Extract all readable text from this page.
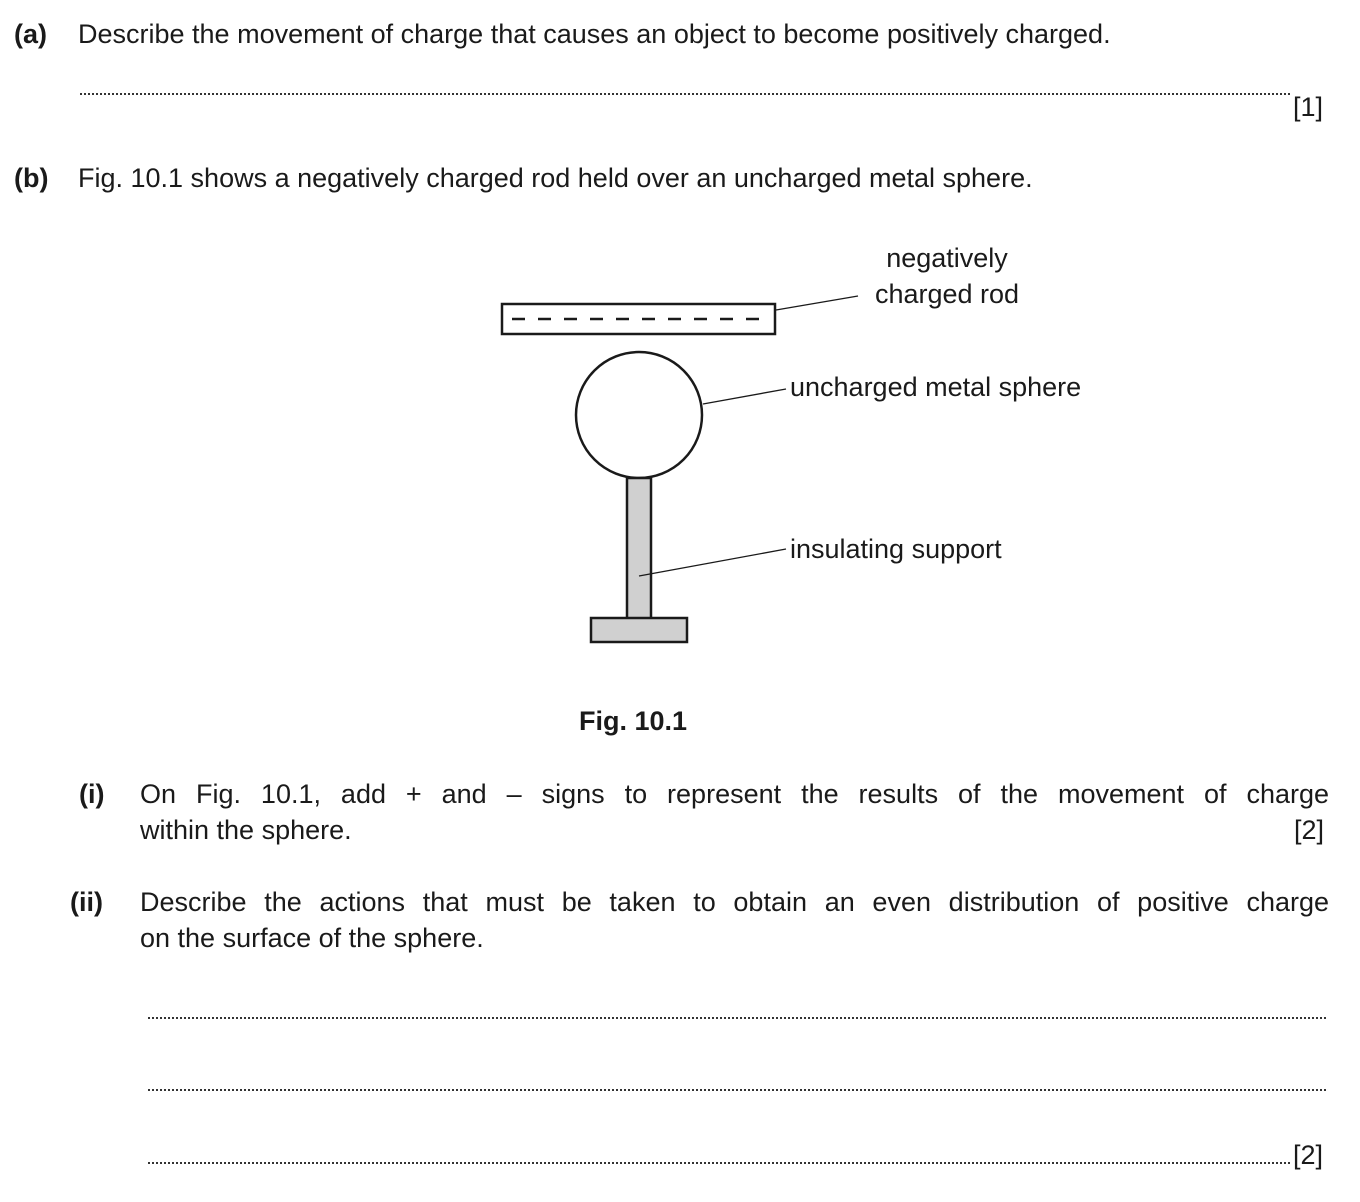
(a) Describe the movement of charge that causes an object to become positively charged.
[1]
(b) Fig. 10.1 shows a negatively charged rod held over an uncharged metal sphere.
negatively
charged rod
uncharged metal sphere
insulating support
Fig. 10.1
(i) On Fig. 10.1, add + and – signs to represent the results of the movement of charge
within the sphere.	[2]
(ii) Describe the actions that must be taken to obtain an even distribution of positive charge
on the surface of the sphere.
[2]
